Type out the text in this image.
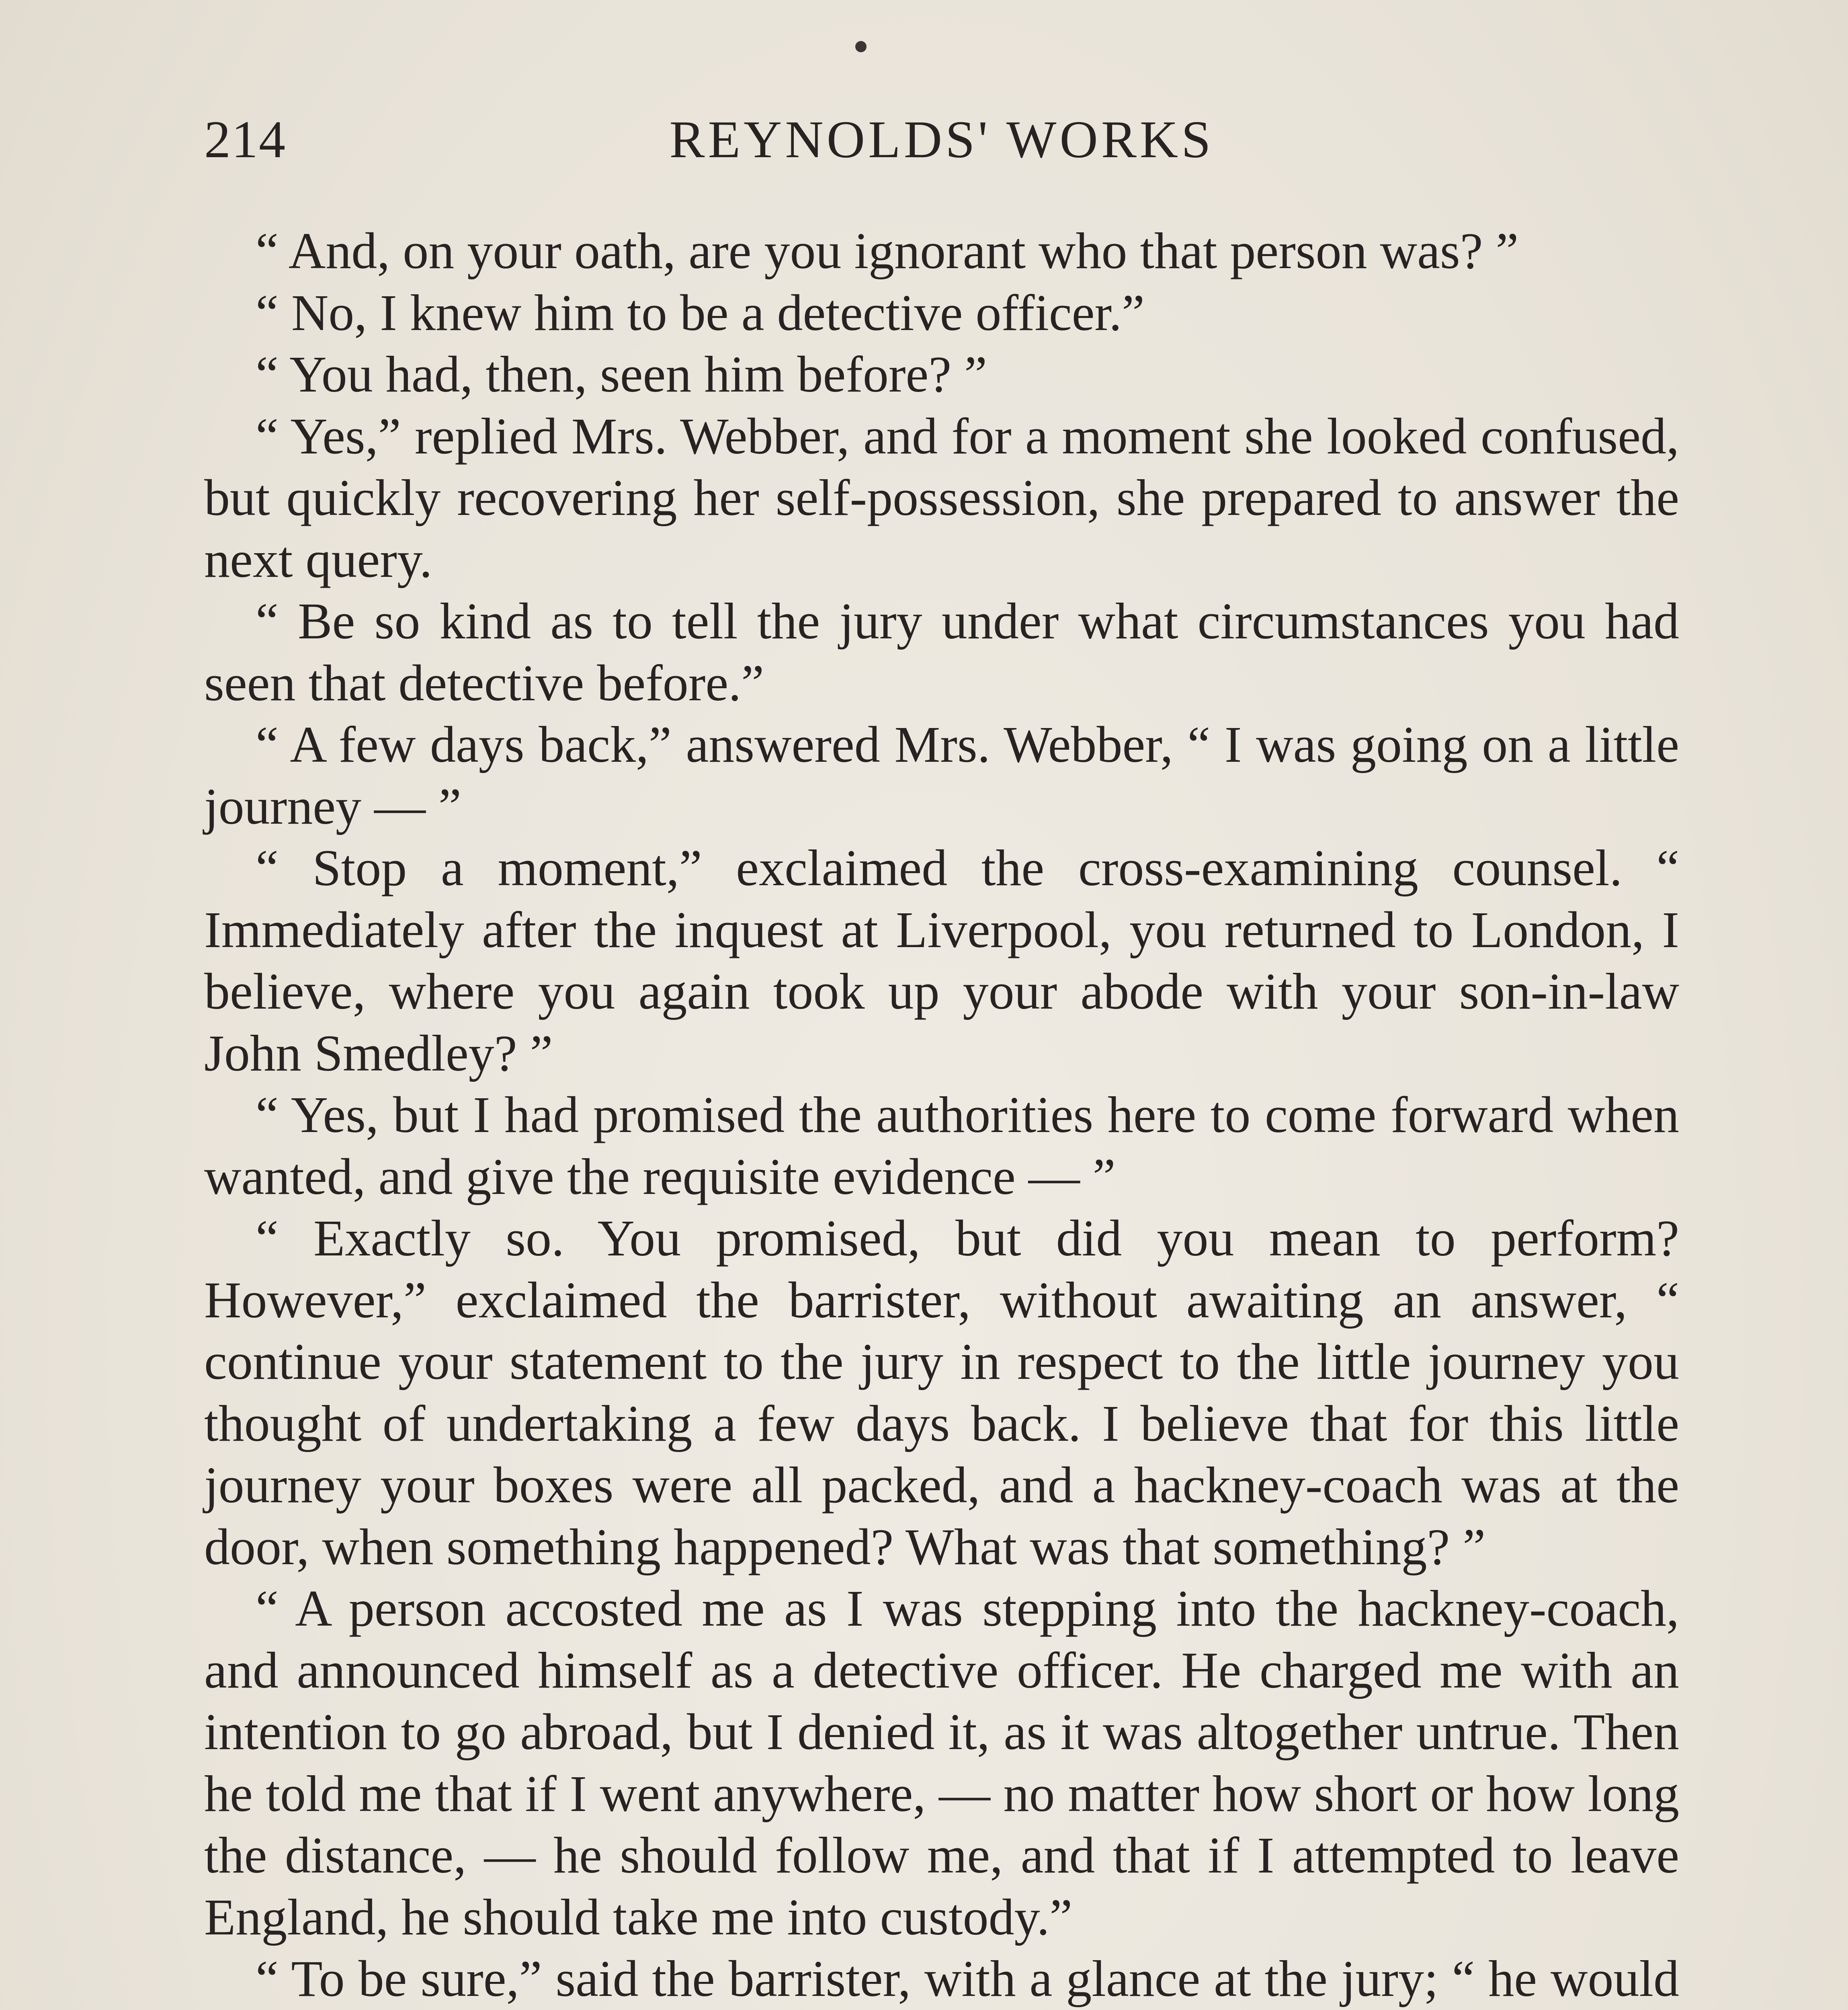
214	REYNOLDS' WORKS

“ And, on your oath, are you ignorant who that person was? ”

“ No, I knew him to be a detective officer.”

“ You had, then, seen him before? ”

“ Yes,” replied Mrs. Webber, and for a moment she looked confused, but quickly recovering her self-possession, she prepared to answer the next query.

“ Be so kind as to tell the jury under what circumstances you had seen that detective before.”

“ A few days back,” answered Mrs. Webber, “ I was going on a little journey — ”

“ Stop a moment,” exclaimed the cross-examining counsel. “ Immediately after the inquest at Liverpool, you returned to London, I believe, where you again took up your abode with your son-in-law John Smedley? ”

“ Yes, but I had promised the authorities here to come forward when wanted, and give the requisite evidence — ”

“ Exactly so. You promised, but did you mean to perform? However,” exclaimed the barrister, without awaiting an answer, “ continue your statement to the jury in respect to the little journey you thought of undertaking a few days back. I believe that for this little journey your boxes were all packed, and a hackney-coach was at the door, when something happened? What was that something? ”

“ A person accosted me as I was stepping into the hackney-coach, and announced himself as a detective officer. He charged me with an intention to go abroad, but I denied it, as it was altogether untrue. Then he told me that if I went anywhere, — no matter how short or how long the distance, — he should follow me, and that if I attempted to leave England, he should take me into custody.”

“ To be sure,” said the barrister, with a glance at the jury; “ he would
